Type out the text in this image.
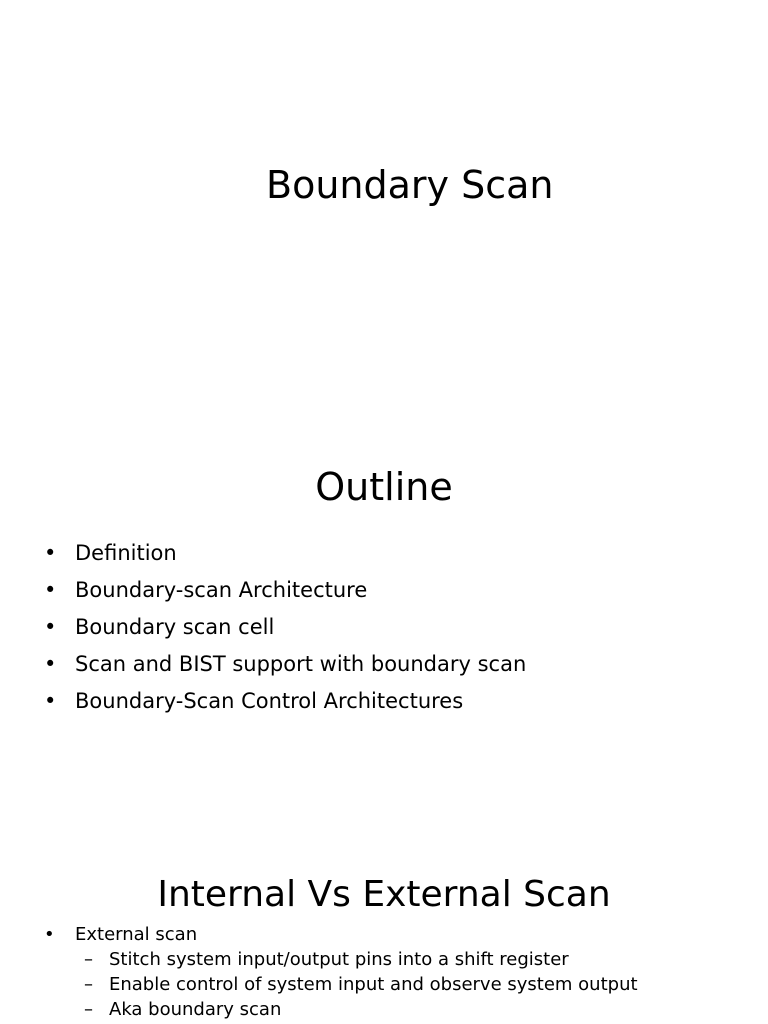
Boundary Scan
Outline
• Definition
• Boundary-scan Architecture
• Boundary scan cell
• Scan and BIST support with boundary scan
• Boundary-Scan Control Architectures
Internal Vs External Scan
• External scan
– Stitch system input/output pins into a shift register
– Enable control of system input and observe system output
– Aka boundary scan
